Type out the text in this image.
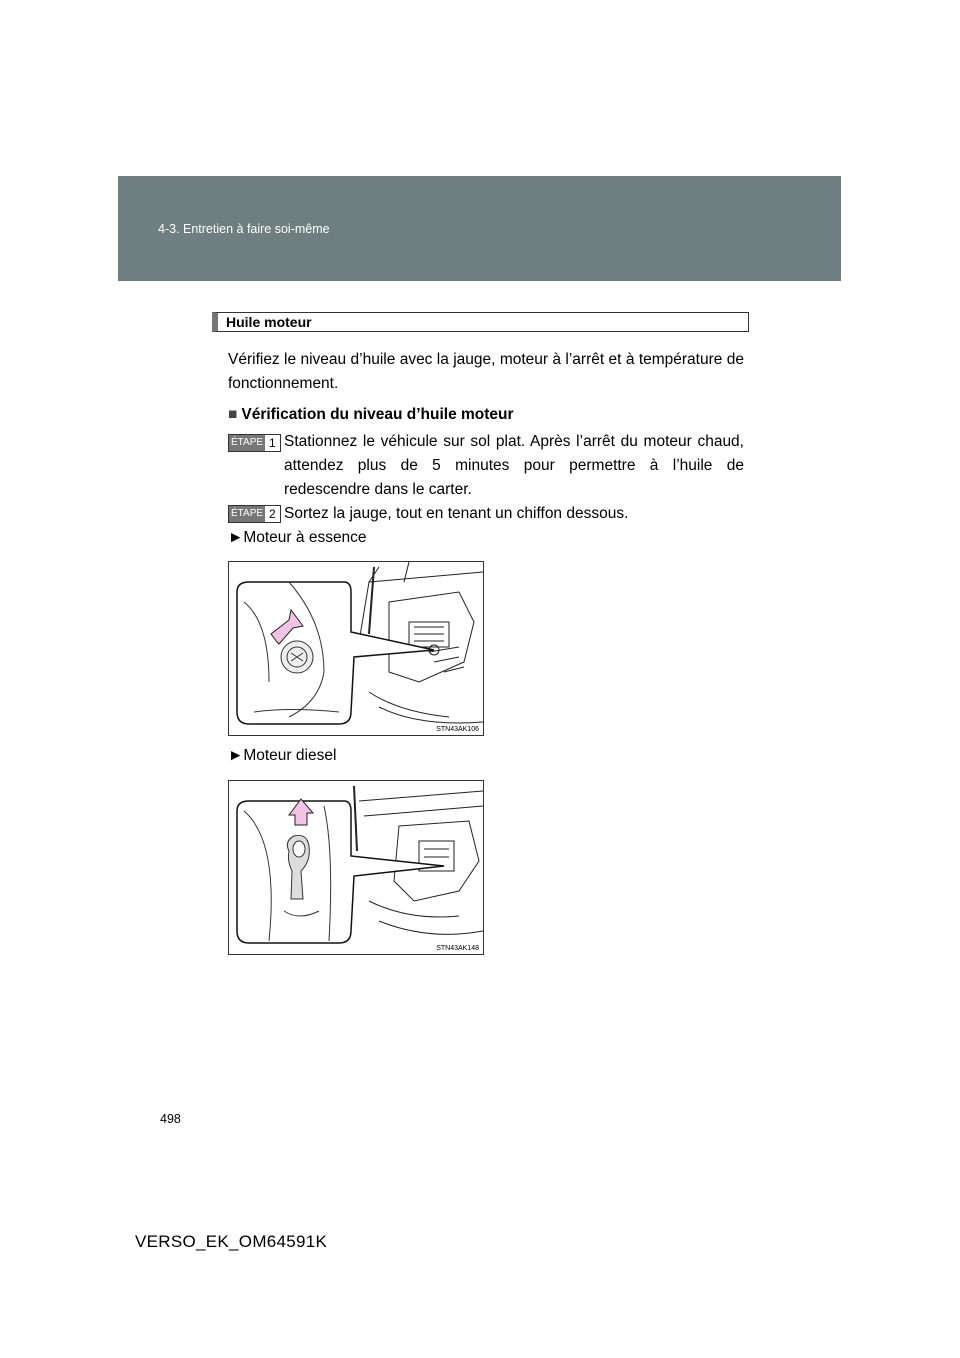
4-3. Entretien à faire soi-même
Huile moteur
Vérifiez le niveau d’huile avec la jauge, moteur à l’arrêt et à température de fonctionnement.
■ Vérification du niveau d’huile moteur
ÉTAPE 1 Stationnez le véhicule sur sol plat. Après l’arrêt du moteur chaud, attendez plus de 5 minutes pour permettre à l’huile de redescendre dans le carter.
ÉTAPE 2 Sortez la jauge, tout en tenant un chiffon dessous.
►Moteur à essence
STN43AK106
►Moteur diesel
STN43AK148
498
VERSO_EK_OM64591K
